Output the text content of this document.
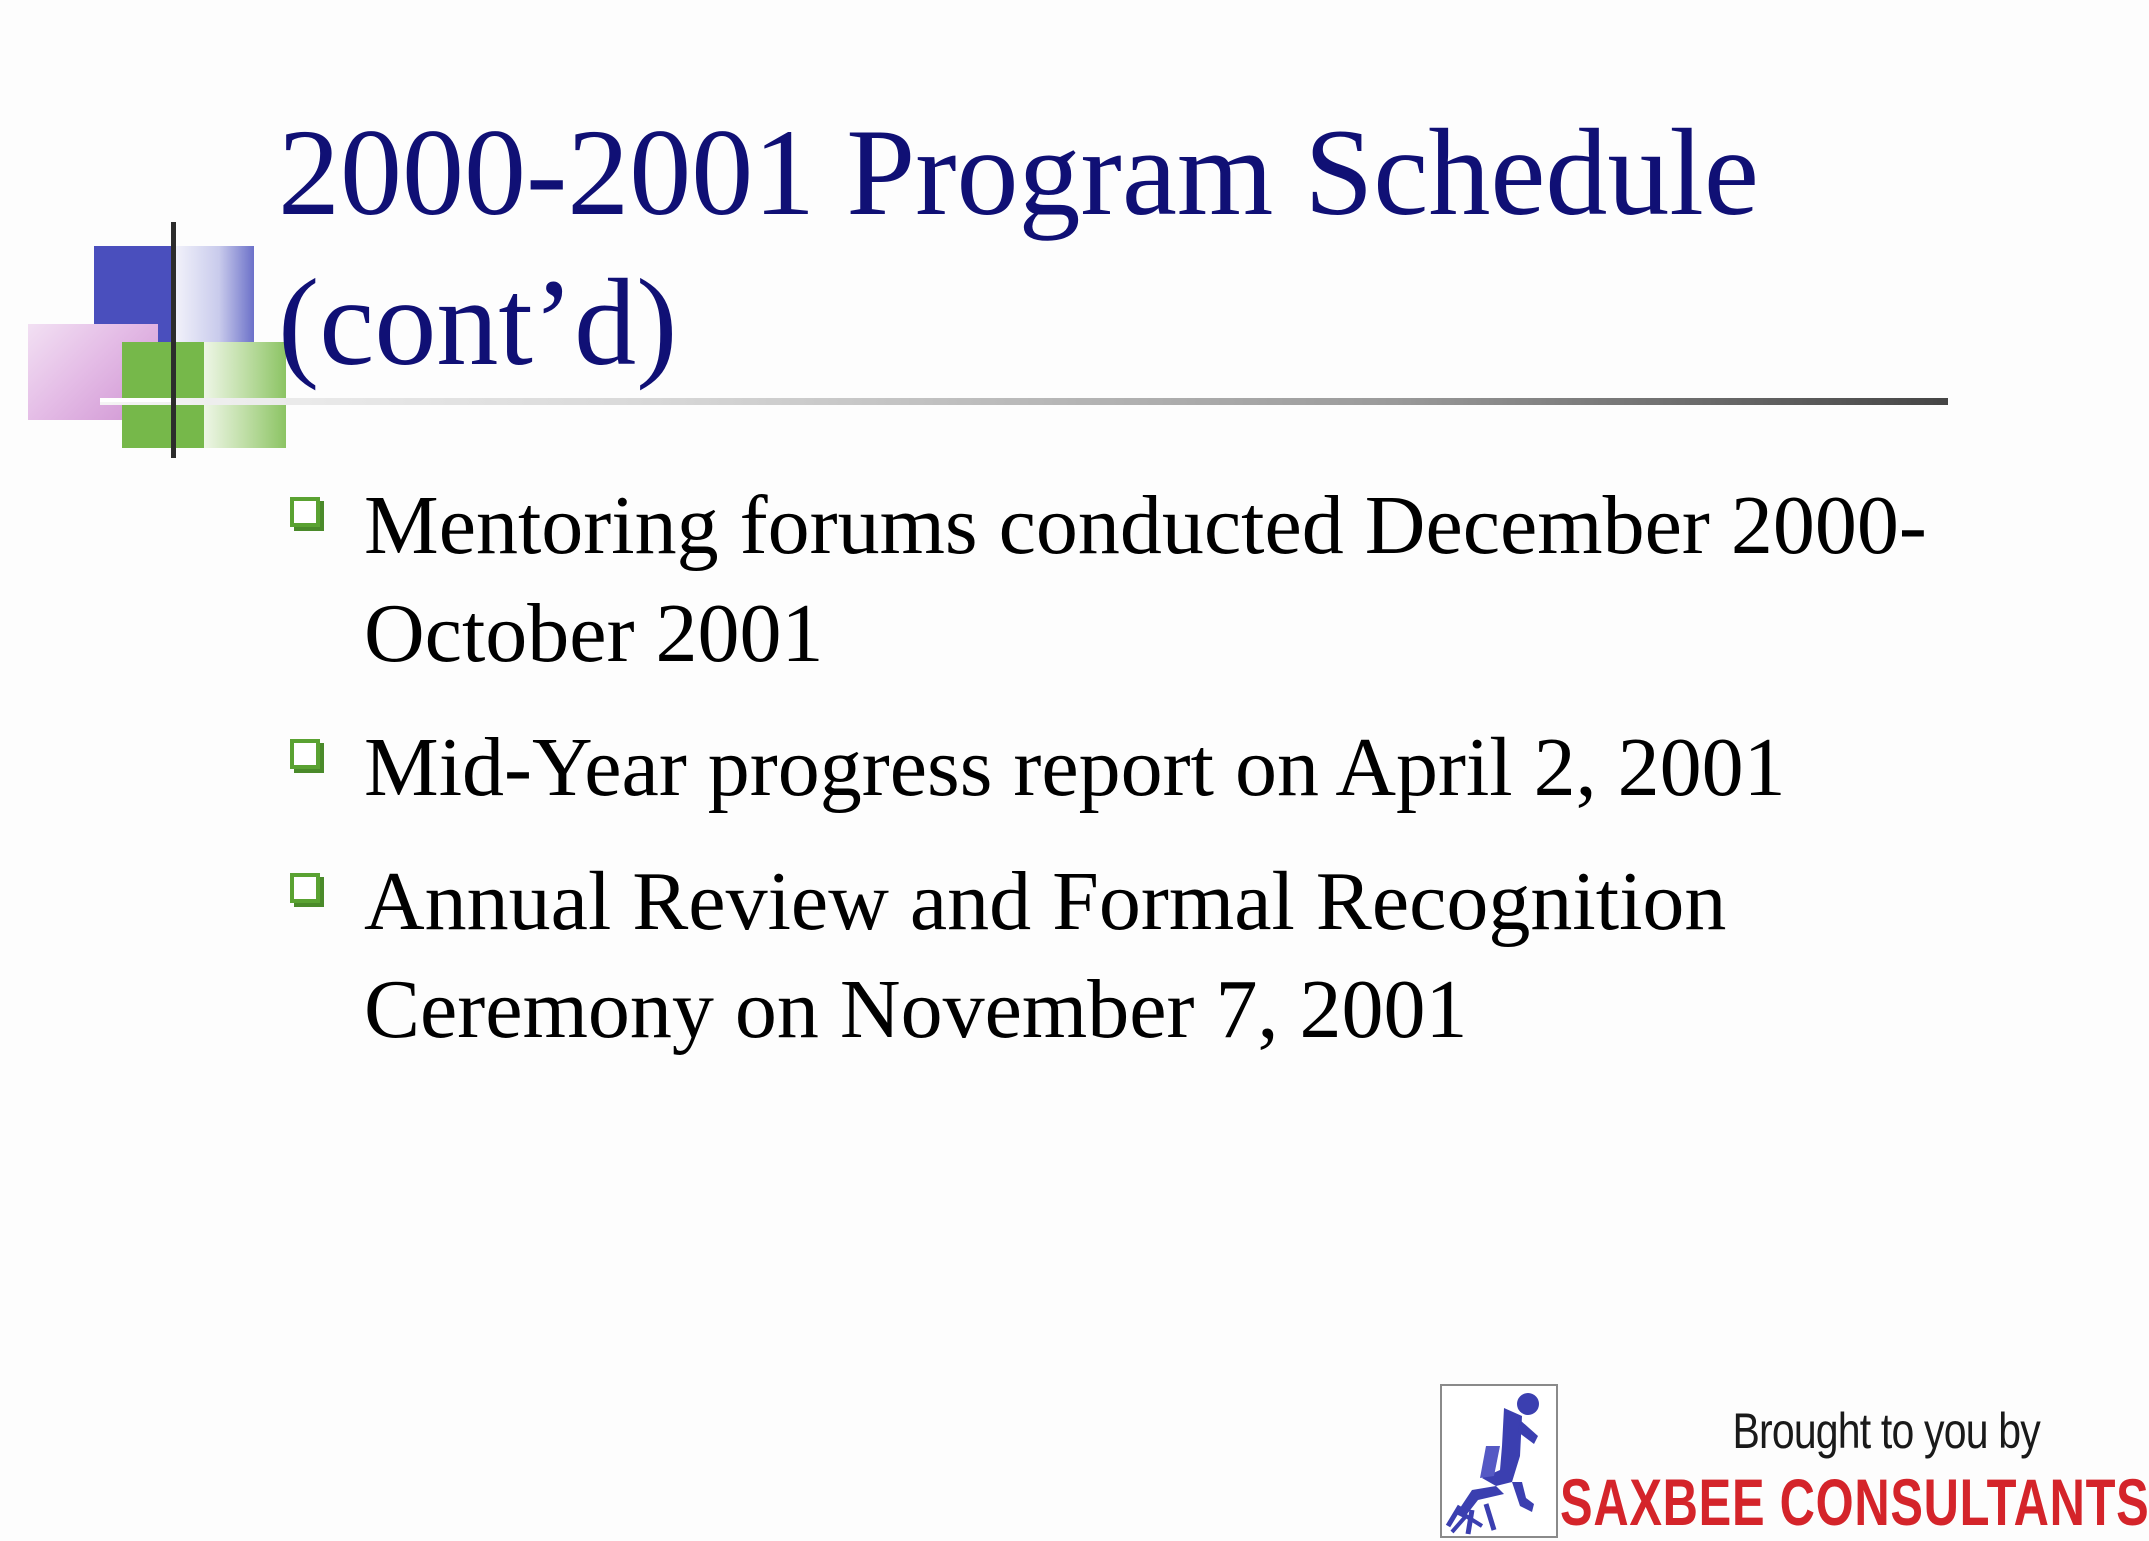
2000-2001 Program Schedule (cont’d)
Mentoring forums conducted December 2000-October 2001
Mid-Year progress report on April 2, 2001
Annual Review and Formal Recognition Ceremony on November 7, 2001
Brought to you by
SAXBEE CONSULTANTS
